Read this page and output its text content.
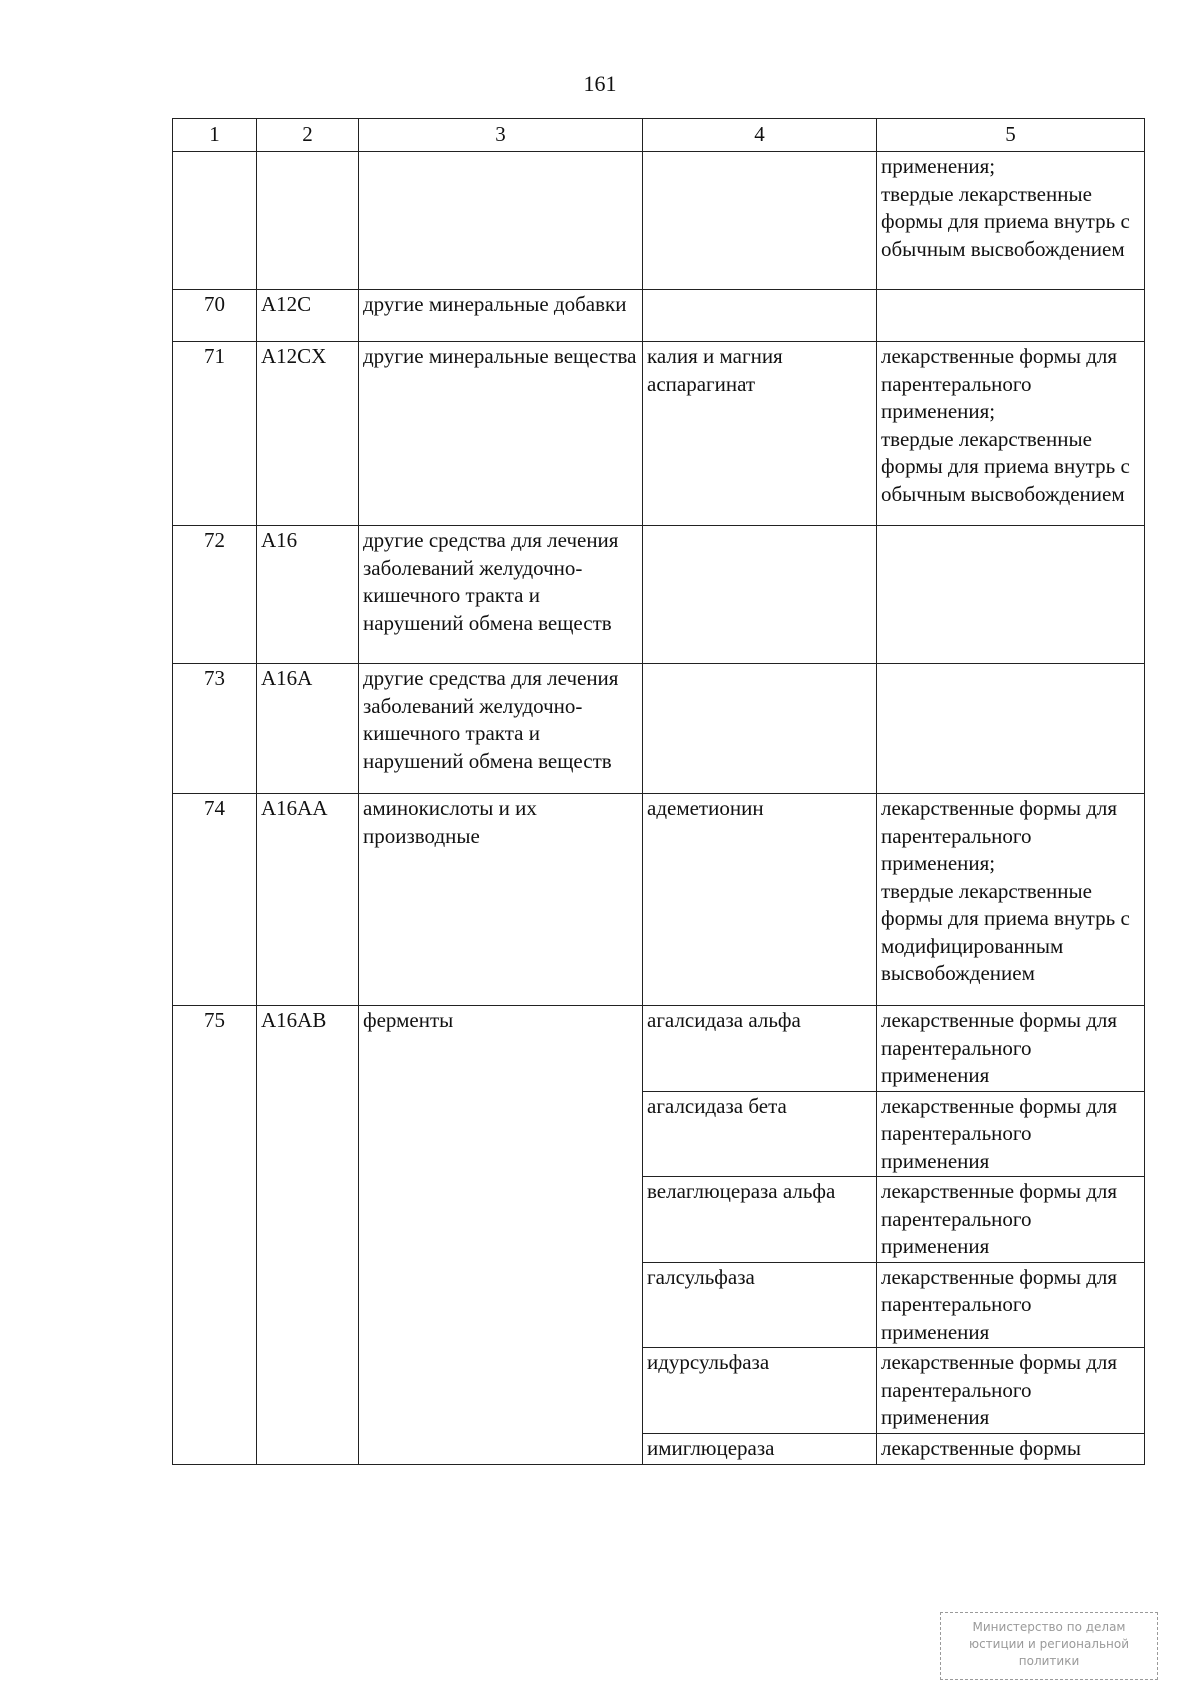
161
1	2	3	4	5
				применения;
твердые лекарственные формы для приема внутрь с обычным высвобождением
70	A12C	другие минеральные добавки		
71	A12CX	другие минеральные вещества	калия и магния аспарагинат	лекарственные формы для парентерального применения;
твердые лекарственные формы для приема внутрь с обычным высвобождением
72	A16	другие средства для лечения заболеваний желудочно-кишечного тракта и нарушений обмена веществ		
73	A16A	другие средства для лечения заболеваний желудочно-кишечного тракта и нарушений обмена веществ		
74	A16AA	аминокислоты и их производные	адеметионин	лекарственные формы для парентерального применения;
твердые лекарственные формы для приема внутрь с модифицированным высвобождением
75	A16AB	ферменты	агалсидаза альфа	лекарственные формы для парентерального применения
			агалсидаза бета	лекарственные формы для парентерального применения
			велаглюцераза альфа	лекарственные формы для парентерального применения
			галсульфаза	лекарственные формы для парентерального применения
			идурсульфаза	лекарственные формы для парентерального применения
			имиглюцераза	лекарственные формы
Министерство по делам
юстиции и региональной
политики
